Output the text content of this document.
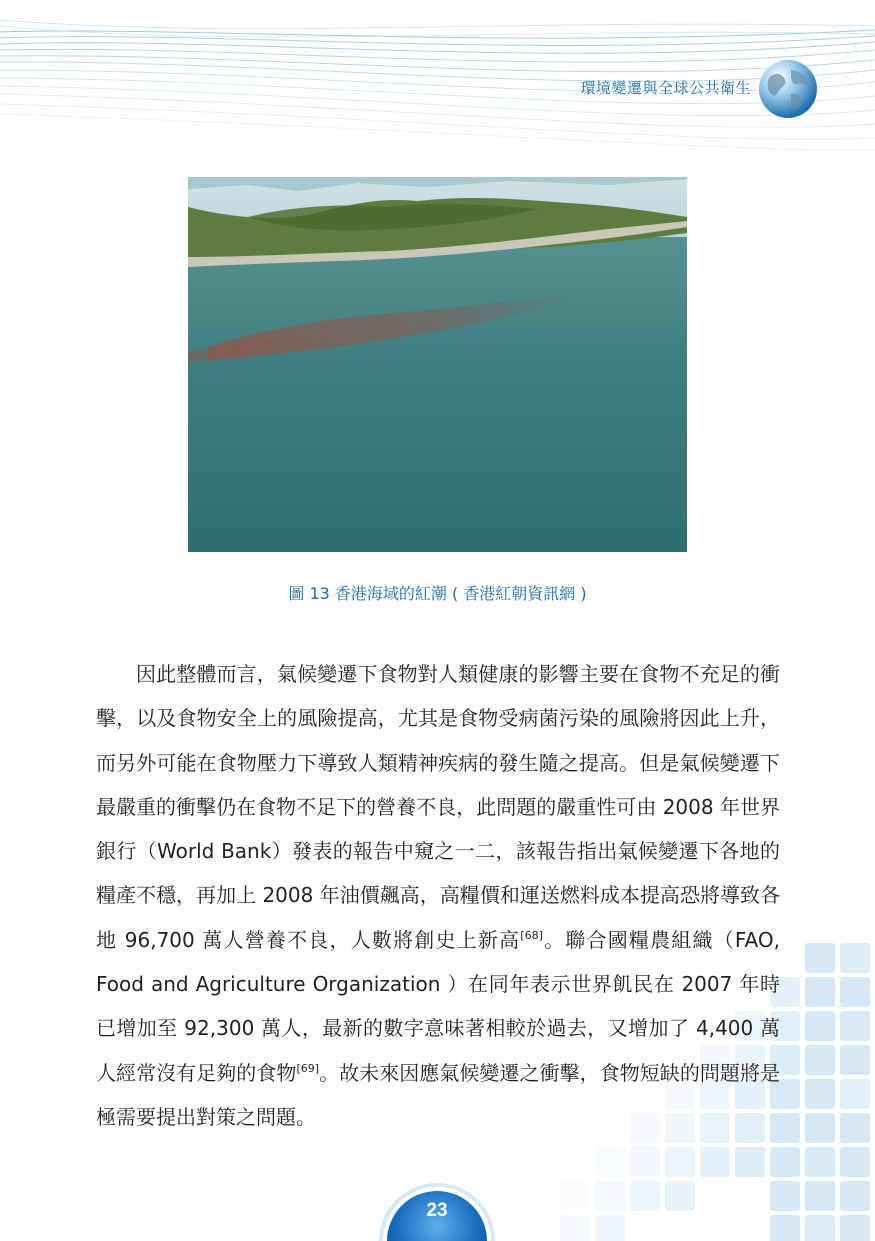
環境變遷與全球公共衛生
圖 13 香港海域的紅潮 ( 香港紅朝資訊網 )

因此整體而言，氣候變遷下食物對人類健康的影響主要在食物不充足的衝擊，以及食物安全上的風險提高，尤其是食物受病菌污染的風險將因此上升，而另外可能在食物壓力下導致人類精神疾病的發生隨之提高。但是氣候變遷下最嚴重的衝擊仍在食物不足下的營養不良，此問題的嚴重性可由 2008 年世界銀行（World Bank）發表的報告中窺之一二，該報告指出氣候變遷下各地的糧產不穩，再加上 2008 年油價飆高，高糧價和運送燃料成本提高恐將導致各地 96,700 萬人營養不良，人數將創史上新高[68]。聯合國糧農組織（FAO, Food and Agriculture Organization ）在同年表示世界飢民在 2007 年時已增加至 92,300 萬人，最新的數字意味著相較於過去，又增加了 4,400 萬人經常沒有足夠的食物[69]。故未來因應氣候變遷之衝擊，食物短缺的問題將是極需要提出對策之問題。

23
